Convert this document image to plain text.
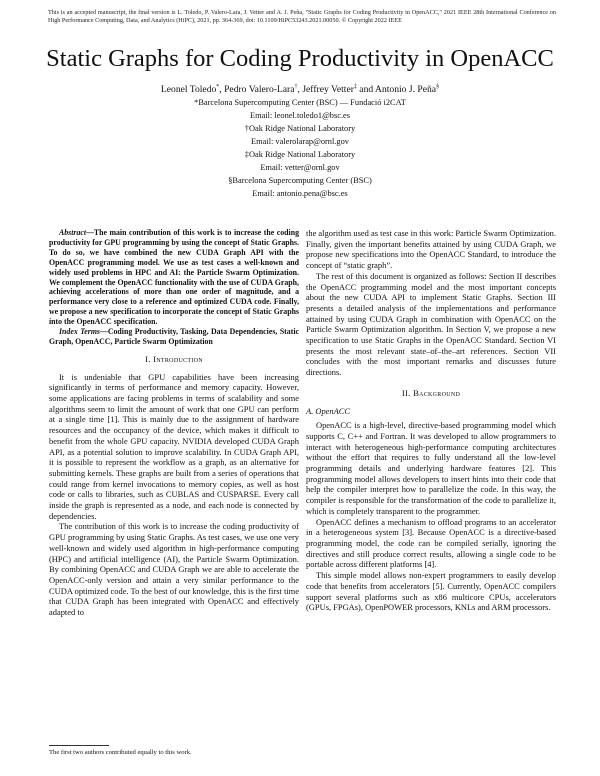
This is an accepted manuscript, the final version is L. Toledo, P. Valero-Lara, J. Vetter and A. J. Peña, "Static Graphs for Coding Productivity in OpenACC," 2021 IEEE 28th International Conference on High Performance Computing, Data, and Analytics (HiPC), 2021, pp. 364-369, doi: 10.1109/HiPC53243.2021.00050. © Copyright 2022 IEEE
Static Graphs for Coding Productivity in OpenACC
Leonel Toledo*, Pedro Valero-Lara†, Jeffrey Vetter‡ and Antonio J. Peña§
*Barcelona Supercomputing Center (BSC) — Fundació i2CAT
Email: leonel.toledo1@bsc.es
†Oak Ridge National Laboratory
Email: valerolarap@ornl.gov
‡Oak Ridge National Laboratory
Email: vetter@ornl.gov
§Barcelona Supercomputing Center (BSC)
Email: antonio.pena@bsc.es

Abstract—The main contribution of this work is to increase the coding productivity for GPU programming by using the concept of Static Graphs. To do so, we have combined the new CUDA Graph API with the OpenACC programming model. We use as test cases a well-known and widely used problems in HPC and AI: the Particle Swarm Optimization. We complement the OpenACC functionality with the use of CUDA Graph, achieving accelerations of more than one order of magnitude, and a performance very close to a reference and optimized CUDA code. Finally, we propose a new specification to incorporate the concept of Static Graphs into the OpenACC specification.

Index Terms—Coding Productivity, Tasking, Data Dependencies, Static Graph, OpenACC, Particle Swarm Optimization

I. Introduction

It is undeniable that GPU capabilities have been increasing significantly in terms of performance and memory capacity. However, some applications are facing problems in terms of scalability and some algorithms seem to limit the amount of work that one GPU can perform at a single time [1]. This is mainly due to the assignment of hardware resources and the occupancy of the device, which makes it difficult to benefit from the whole GPU capacity. NVIDIA developed CUDA Graph API, as a potential solution to improve scalability. In CUDA Graph API, it is possible to represent the workflow as a graph, as an alternative for submitting kernels. These graphs are built from a series of operations that could range from kernel invocations to memory copies, as well as host code or calls to libraries, such as CUBLAS and CUSPARSE. Every call inside the graph is represented as a node, and each node is connected by dependencies.

The contribution of this work is to increase the coding productivity of GPU programming by using Static Graphs. As test cases, we use one very well-known and widely used algorithm in high-performance computing (HPC) and artificial intelligence (AI), the Particle Swarm Optimization. By combining OpenACC and CUDA Graph we are able to accelerate the OpenACC-only version and attain a very similar performance to the CUDA optimized code. To the best of our knowledge, this is the first time that CUDA Graph has been integrated with OpenACC and effectively adapted to

the algorithm used as test case in this work: Particle Swarm Optimization. Finally, given the important benefits attained by using CUDA Graph, we propose new specifications into the OpenACC Standard, to introduce the concept of “static graph”.

The rest of this document is organized as follows: Section II describes the OpenACC programming model and the most important concepts about the new CUDA API to implement Static Graphs. Section III presents a detailed analysis of the implementations and performance attained by using CUDA Graph in combination with OpenACC on the Particle Swarm Optimization algorithm. In Section V, we propose a new specification to use Static Graphs in the OpenACC Standard. Section VI presents the most relevant state–of–the–art references. Section VII concludes with the most important remarks and discusses future directions.

II. Background
A. OpenACC

OpenACC is a high-level, directive-based programming model which supports C, C++ and Fortran. It was developed to allow programmers to interact with heterogeneous high-performance computing architectures without the effort that requires to fully understand all the low-level programming details and underlying hardware features [2]. This programming model allows developers to insert hints into their code that help the compiler interpret how to parallelize the code. In this way, the compiler is responsible for the transformation of the code to parallelize it, which is completely transparent to the programmer.

OpenACC defines a mechanism to offload programs to an accelerator in a heterogeneous system [3]. Because OpenACC is a directive-based programming model, the code can be compiled serially, ignoring the directives and still produce correct results, allowing a single code to be portable across different platforms [4].

This simple model allows non-expert programmers to easily develop code that benefits from accelerators [5]. Currently, OpenACC compilers support several platforms such as x86 multicore CPUs, accelerators (GPUs, FPGAs), OpenPOWER processors, KNLs and ARM processors.

The first two authors contributed equally to this work.
